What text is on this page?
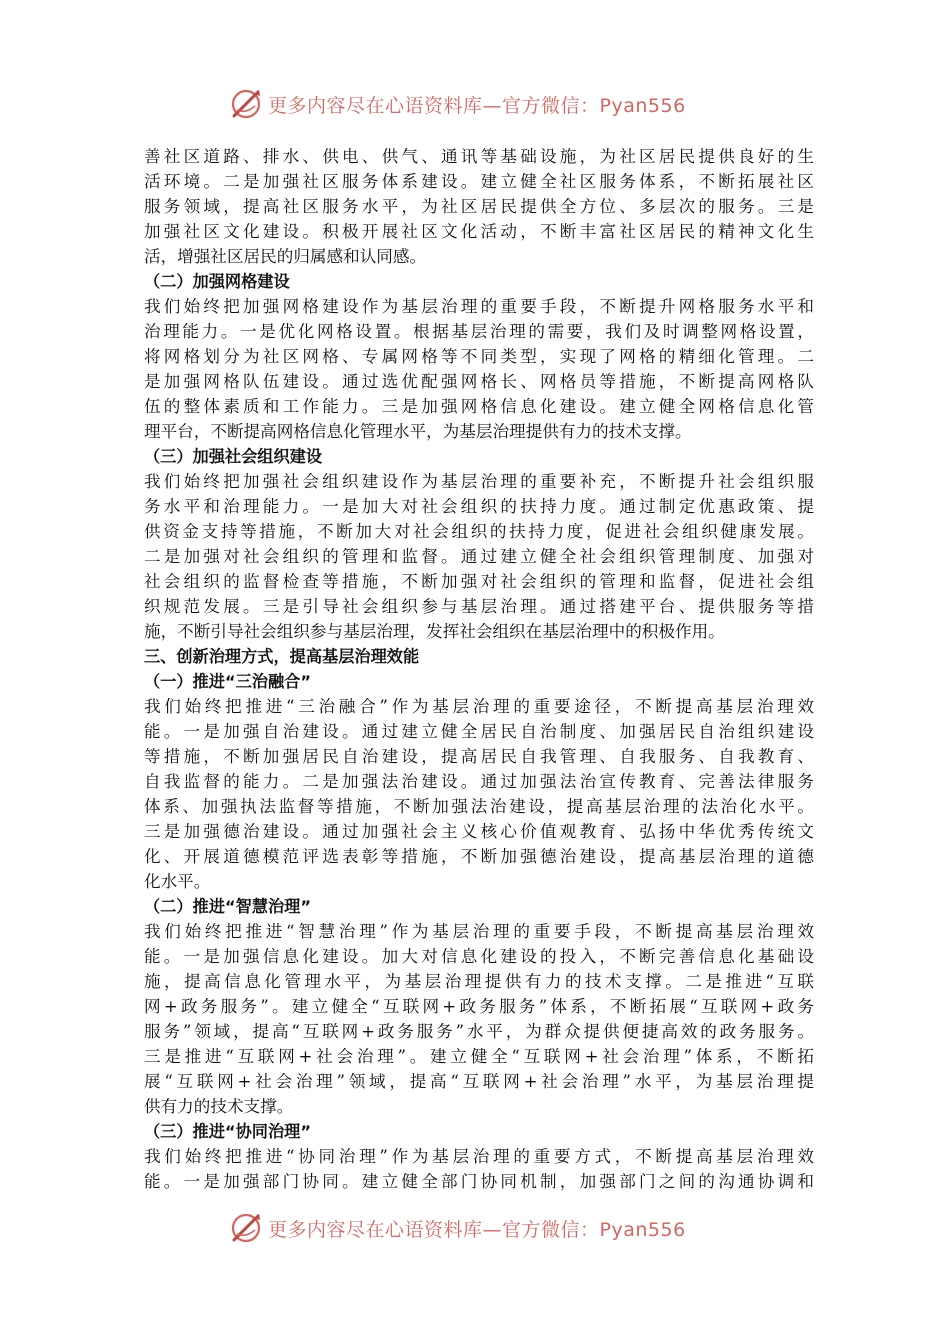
更多内容尽在心语资料库—官方微信：Pyan556
善社区道路、排水、供电、供气、通讯等基础设施，为社区居民提供良好的生
活环境。二是加强社区服务体系建设。建立健全社区服务体系，不断拓展社区
服务领域，提高社区服务水平，为社区居民提供全方位、多层次的服务。三是
加强社区文化建设。积极开展社区文化活动，不断丰富社区居民的精神文化生
活，增强社区居民的归属感和认同感。
（二）加强网格建设
我们始终把加强网格建设作为基层治理的重要手段，不断提升网格服务水平和
治理能力。一是优化网格设置。根据基层治理的需要，我们及时调整网格设置，
将网格划分为社区网格、专属网格等不同类型，实现了网格的精细化管理。二
是加强网格队伍建设。通过选优配强网格长、网格员等措施，不断提高网格队
伍的整体素质和工作能力。三是加强网格信息化建设。建立健全网格信息化管
理平台，不断提高网格信息化管理水平，为基层治理提供有力的技术支撑。
（三）加强社会组织建设
我们始终把加强社会组织建设作为基层治理的重要补充，不断提升社会组织服
务水平和治理能力。一是加大对社会组织的扶持力度。通过制定优惠政策、提
供资金支持等措施，不断加大对社会组织的扶持力度，促进社会组织健康发展。
二是加强对社会组织的管理和监督。通过建立健全社会组织管理制度、加强对
社会组织的监督检查等措施，不断加强对社会组织的管理和监督，促进社会组
织规范发展。三是引导社会组织参与基层治理。通过搭建平台、提供服务等措
施，不断引导社会组织参与基层治理，发挥社会组织在基层治理中的积极作用。
三、创新治理方式，提高基层治理效能
（一）推进“三治融合”
我们始终把推进“三治融合”作为基层治理的重要途径，不断提高基层治理效
能。一是加强自治建设。通过建立健全居民自治制度、加强居民自治组织建设
等措施，不断加强居民自治建设，提高居民自我管理、自我服务、自我教育、
自我监督的能力。二是加强法治建设。通过加强法治宣传教育、完善法律服务
体系、加强执法监督等措施，不断加强法治建设，提高基层治理的法治化水平。
三是加强德治建设。通过加强社会主义核心价值观教育、弘扬中华优秀传统文
化、开展道德模范评选表彰等措施，不断加强德治建设，提高基层治理的道德
化水平。
（二）推进“智慧治理”
我们始终把推进“智慧治理”作为基层治理的重要手段，不断提高基层治理效
能。一是加强信息化建设。加大对信息化建设的投入，不断完善信息化基础设
施，提高信息化管理水平，为基层治理提供有力的技术支撑。二是推进“互联
网+政务服务”。建立健全“互联网+政务服务”体系，不断拓展“互联网+政务
服务”领域，提高“互联网+政务服务”水平，为群众提供便捷高效的政务服务。
三是推进“互联网+社会治理”。建立健全“互联网+社会治理”体系，不断拓
展“互联网+社会治理”领域，提高“互联网+社会治理”水平，为基层治理提
供有力的技术支撑。
（三）推进“协同治理”
我们始终把推进“协同治理”作为基层治理的重要方式，不断提高基层治理效
能。一是加强部门协同。建立健全部门协同机制，加强部门之间的沟通协调和
更多内容尽在心语资料库—官方微信：Pyan556
